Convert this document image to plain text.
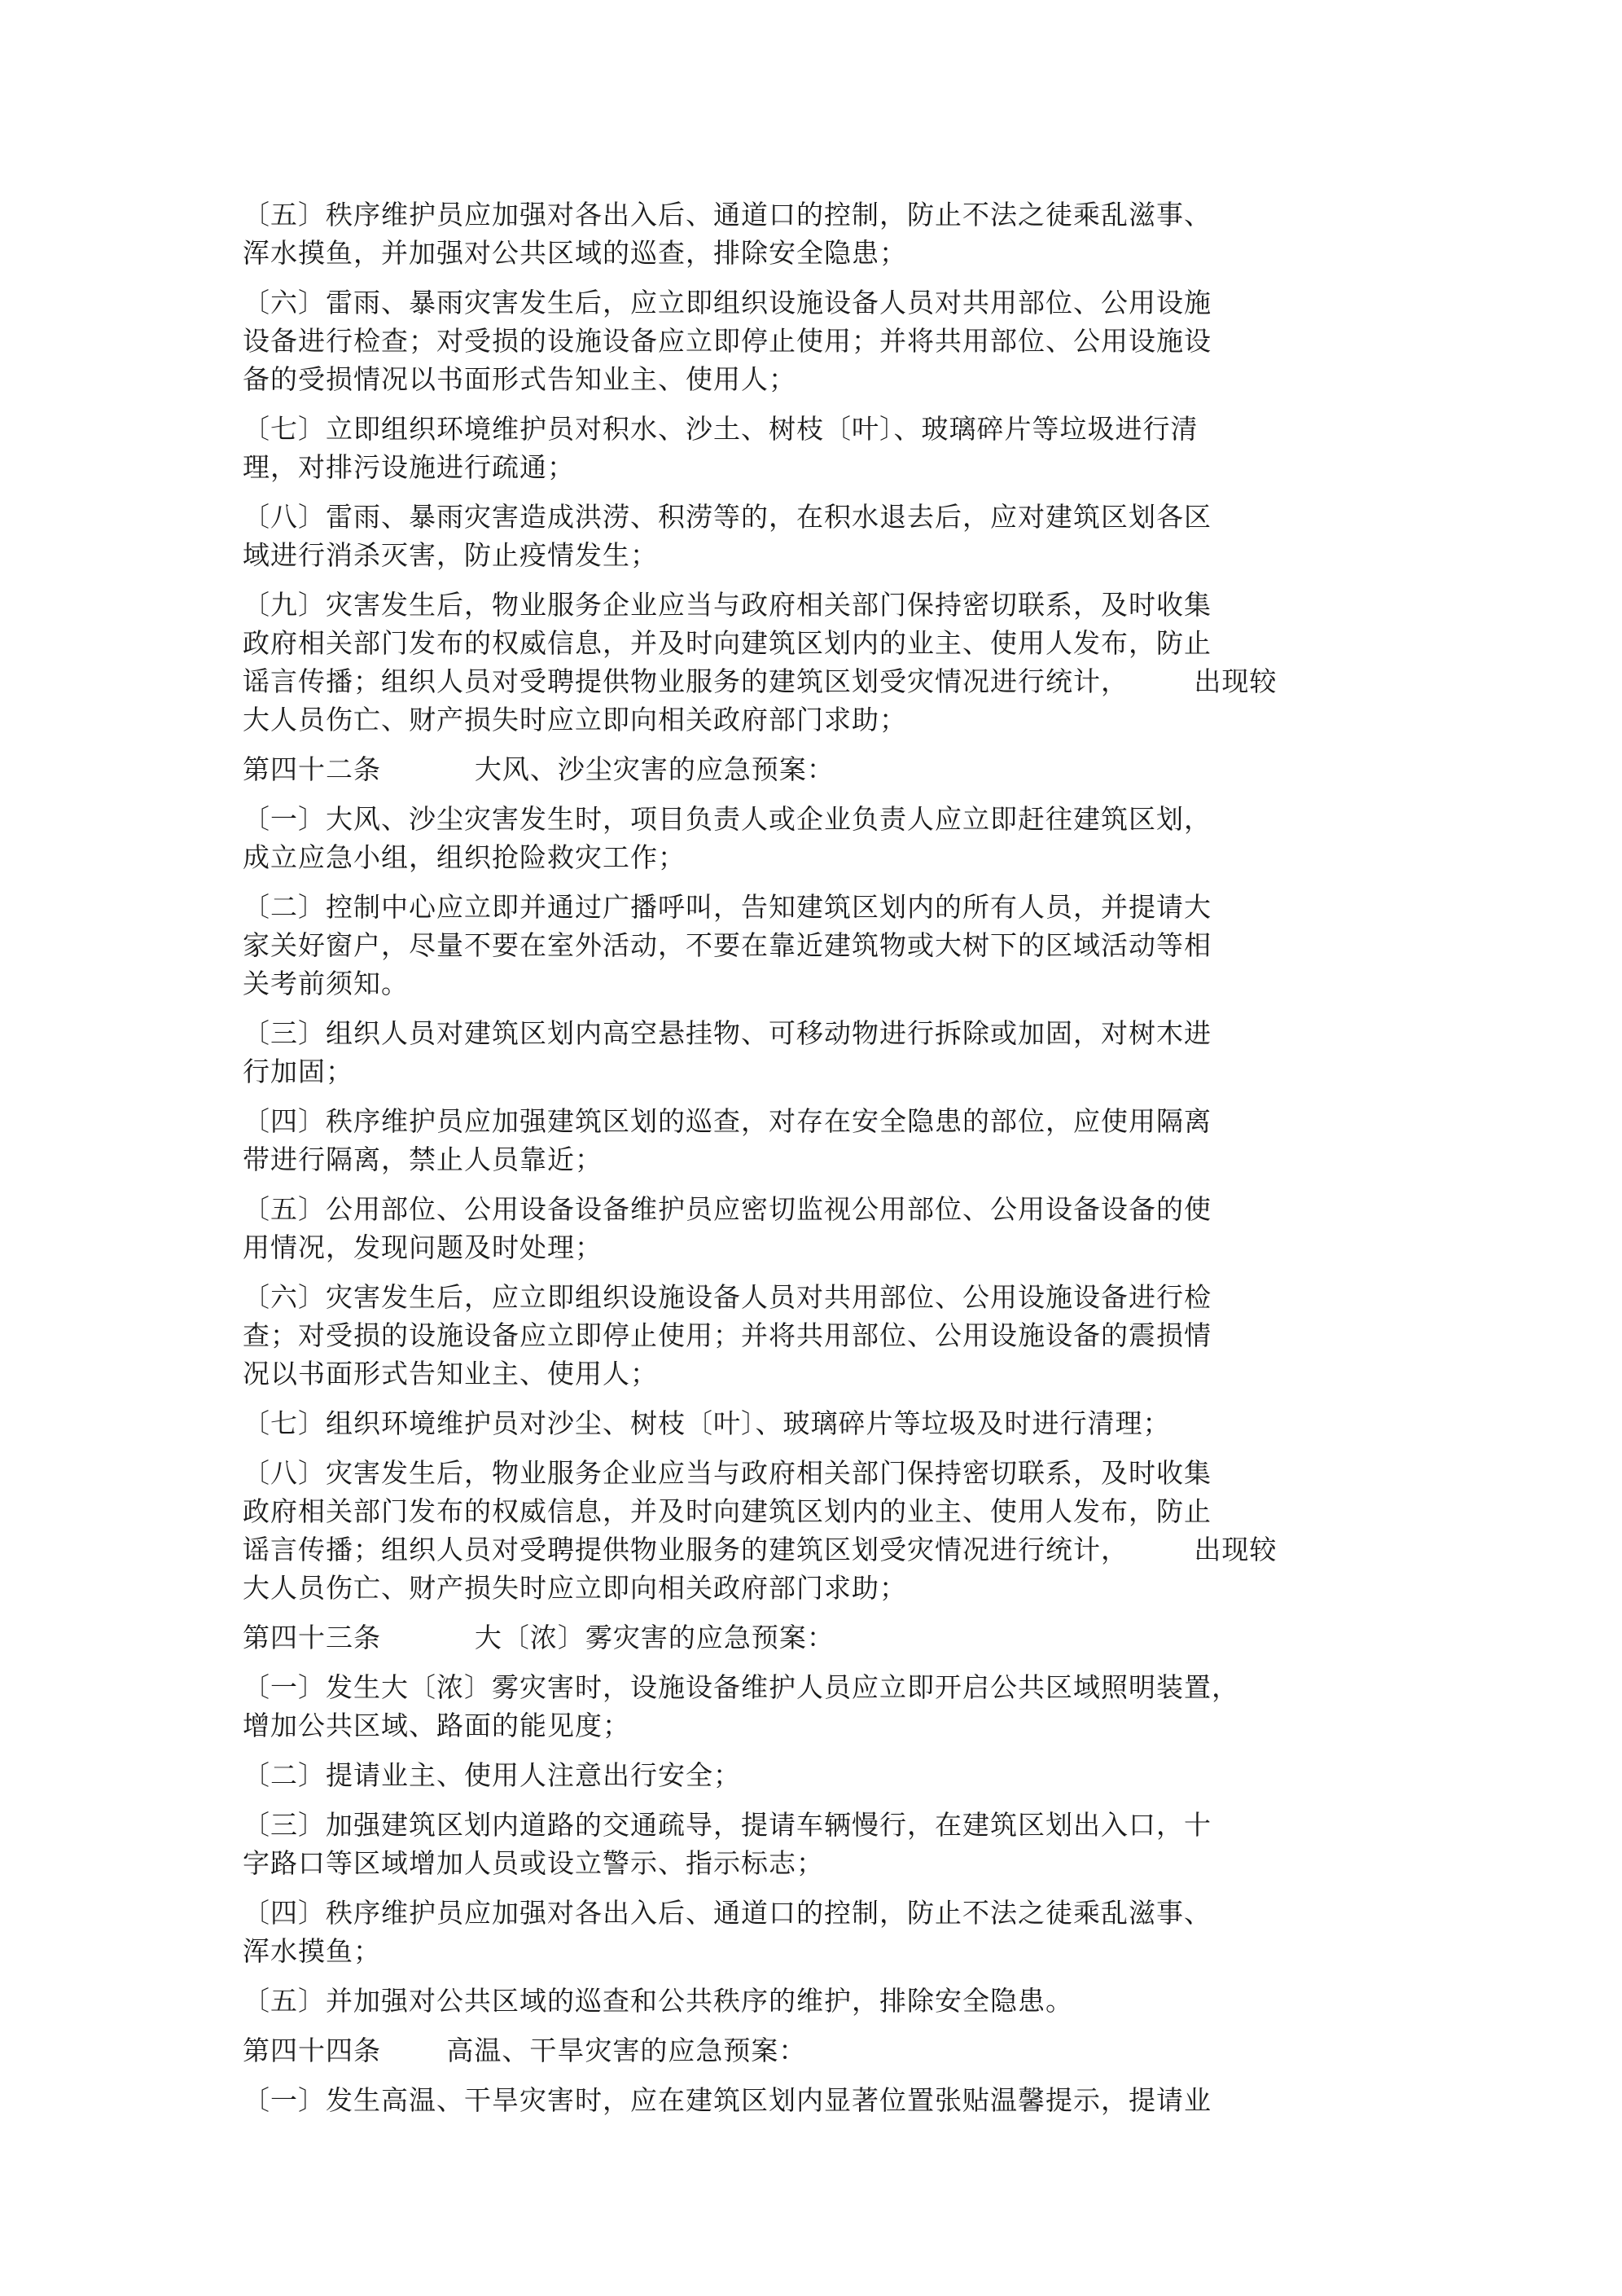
〔五〕秩序维护员应加强对各出入后、通道口的控制，防止不法之徒乘乱滋事、
浑水摸鱼，并加强对公共区域的巡查，排除安全隐患；
〔六〕雷雨、暴雨灾害发生后，应立即组织设施设备人员对共用部位、公用设施
设备进行检查；对受损的设施设备应立即停止使用；并将共用部位、公用设施设
备的受损情况以书面形式告知业主、使用人；
〔七〕立即组织环境维护员对积水、沙土、树枝〔叶〕、玻璃碎片等垃圾进行清
理，对排污设施进行疏通；
〔八〕雷雨、暴雨灾害造成洪涝、积涝等的，在积水退去后，应对建筑区划各区
域进行消杀灭害，防止疫情发生；
〔九〕灾害发生后，物业服务企业应当与政府相关部门保持密切联系，及时收集
政府相关部门发布的权威信息，并及时向建筑区划内的业主、使用人发布，防止
谣言传播；组织人员对受聘提供物业服务的建筑区划受灾情况进行统计，       出现较
大人员伤亡、财产损失时应立即向相关政府部门求助；
第四十二条          大风、沙尘灾害的应急预案：
〔一〕大风、沙尘灾害发生时，项目负责人或企业负责人应立即赶往建筑区划，
成立应急小组，组织抢险救灾工作；
〔二〕控制中心应立即并通过广播呼叫，告知建筑区划内的所有人员，并提请大
家关好窗户，尽量不要在室外活动，不要在靠近建筑物或大树下的区域活动等相
关考前须知。
〔三〕组织人员对建筑区划内高空悬挂物、可移动物进行拆除或加固，对树木进
行加固；
〔四〕秩序维护员应加强建筑区划的巡查，对存在安全隐患的部位，应使用隔离
带进行隔离，禁止人员靠近；
〔五〕公用部位、公用设备设备维护员应密切监视公用部位、公用设备设备的使
用情况，发现问题及时处理；
〔六〕灾害发生后，应立即组织设施设备人员对共用部位、公用设施设备进行检
查；对受损的设施设备应立即停止使用；并将共用部位、公用设施设备的震损情
况以书面形式告知业主、使用人；
〔七〕组织环境维护员对沙尘、树枝〔叶〕、玻璃碎片等垃圾及时进行清理；
〔八〕灾害发生后，物业服务企业应当与政府相关部门保持密切联系，及时收集
政府相关部门发布的权威信息，并及时向建筑区划内的业主、使用人发布，防止
谣言传播；组织人员对受聘提供物业服务的建筑区划受灾情况进行统计，       出现较
大人员伤亡、财产损失时应立即向相关政府部门求助；
第四十三条          大〔浓〕雾灾害的应急预案：
〔一〕发生大〔浓〕雾灾害时，设施设备维护人员应立即开启公共区域照明装置，
增加公共区域、路面的能见度；
〔二〕提请业主、使用人注意出行安全；
〔三〕加强建筑区划内道路的交通疏导，提请车辆慢行，在建筑区划出入口，十
字路口等区域增加人员或设立警示、指示标志；
〔四〕秩序维护员应加强对各出入后、通道口的控制，防止不法之徒乘乱滋事、
浑水摸鱼；
〔五〕并加强对公共区域的巡查和公共秩序的维护，排除安全隐患。
第四十四条       高温、干旱灾害的应急预案：
〔一〕发生高温、干旱灾害时，应在建筑区划内显著位置张贴温馨提示，提请业
